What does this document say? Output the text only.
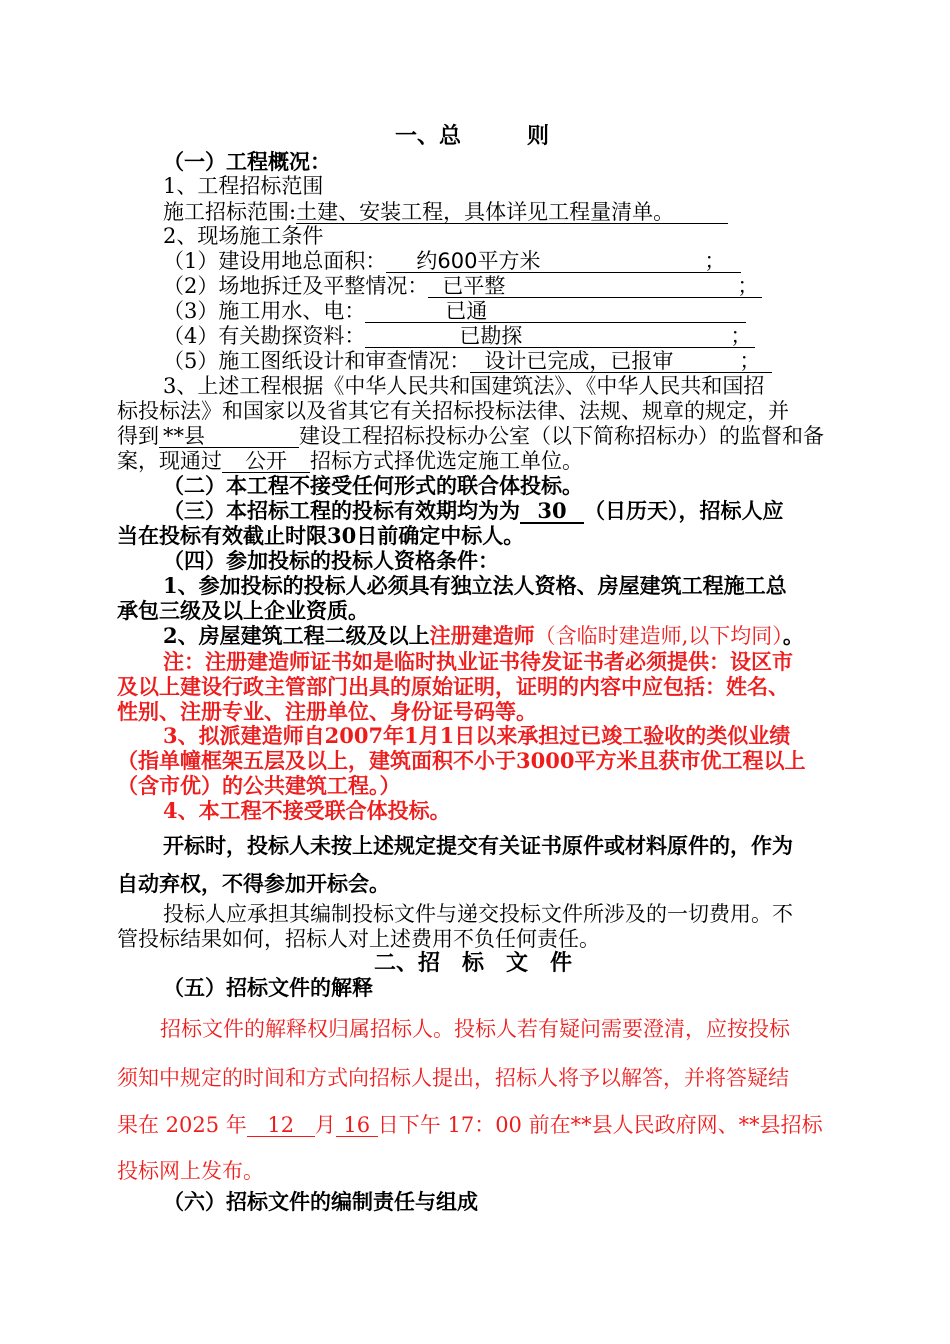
一、总　　　则
（一）工程概况：
1、工程招标范围
施工招标范围:土建、安装工程，具体详见工程量清单。
2、现场施工条件
（1）建设用地总面积： 约600平方米	；

（2）场地拆迁及平整情况： 已平整	；

（3）施工用水、电：	已通

（4）有关勘探资料：	已勘探	；

（5）施工图纸设计和审查情况： 设计已完成，已报审	；

3、上述工程根据《中华人民共和国建筑法》、《中华人民共和国招
标投标法》和国家以及省其它有关招标投标法律、法规、规章的规定，并
得到 **县	建设工程招标投标办公室（以下简称招标办）的监督和备
案，现通过 公开 招标方式择优选定施工单位。
（二）本工程不接受任何形式的联合体投标。
（三）本招标工程的投标有效期均为为 30 （日历天），招标人应
当在投标有效截止时限30日前确定中标人。
（四）参加投标的投标人资格条件：
1、参加投标的投标人必须具有独立法人资格、房屋建筑工程施工总
承包三级及以上企业资质。
2、房屋建筑工程二级及以上注册建造师（含临时建造师,以下均同）。
注：注册建造师证书如是临时执业证书待发证书者必须提供：设区市
及以上建设行政主管部门出具的原始证明，证明的内容中应包括：姓名、
性别、注册专业、注册单位、身份证号码等。
3、拟派建造师自2007年1月1日以来承担过已竣工验收的类似业绩
（指单幢框架五层及以上，建筑面积不小于3000平方米且获市优工程以上
（含市优）的公共建筑工程。）
4、本工程不接受联合体投标。
开标时，投标人未按上述规定提交有关证书原件或材料原件的，作为
自动弃权，不得参加开标会。
投标人应承担其编制投标文件与递交投标文件所涉及的一切费用。不
管投标结果如何，招标人对上述费用不负任何责任。
二、招　标　文　件
（五）招标文件的解释
招标文件的解释权归属招标人。投标人若有疑问需要澄清，应按投标
须知中规定的时间和方式向招标人提出，招标人将予以解答，并将答疑结
果在 2025 年 12 月 16 日下午 17：00 前在**县人民政府网、**县招标
投标网上发布。
（六）招标文件的编制责任与组成
